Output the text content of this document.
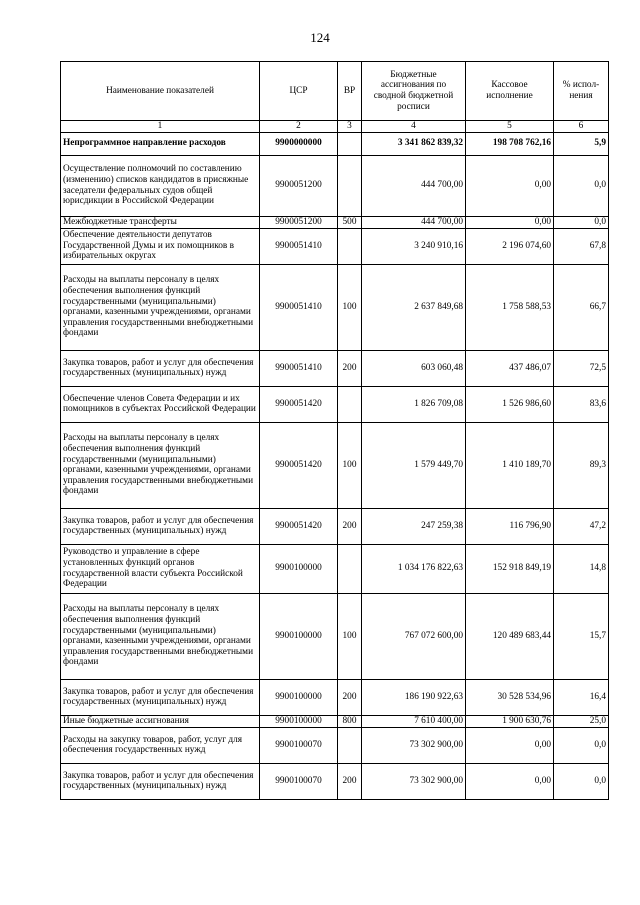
124
Наименование показателей	ЦСР	ВР	Бюджетные ассигнования по сводной бюджетной росписи	Кассовое исполнение	% испол-нения
1	2	3	4	5	6
Непрограммное направление расходов	9900000000		3 341 862 839,32	198 708 762,16	5,9
Осуществление полномочий по составлению (изменению) списков кандидатов в присяжные заседатели федеральных судов общей юрисдикции в Российской Федерации	9900051200		444 700,00	0,00	0,0
Межбюджетные трансферты	9900051200	500	444 700,00	0,00	0,0
Обеспечение деятельности депутатов Государственной Думы и их помощников в избирательных округах	9900051410		3 240 910,16	2 196 074,60	67,8
Расходы на выплаты персоналу в целях обеспечения выполнения функций государственными (муниципальными) органами, казенными учреждениями, органами управления государственными внебюджетными фондами	9900051410	100	2 637 849,68	1 758 588,53	66,7
Закупка товаров, работ и услуг для обеспечения государственных (муниципальных) нужд	9900051410	200	603 060,48	437 486,07	72,5
Обеспечение членов Совета Федерации и их помощников в субъектах Российской Федерации	9900051420		1 826 709,08	1 526 986,60	83,6
Расходы на выплаты персоналу в целях обеспечения выполнения функций государственными (муниципальными) органами, казенными учреждениями, органами управления государственными внебюджетными фондами	9900051420	100	1 579 449,70	1 410 189,70	89,3
Закупка товаров, работ и услуг для обеспечения государственных (муниципальных) нужд	9900051420	200	247 259,38	116 796,90	47,2
Руководство и управление в сфере установленных функций органов государственной власти субъекта Российской Федерации	9900100000		1 034 176 822,63	152 918 849,19	14,8
Расходы на выплаты персоналу в целях обеспечения выполнения функций государственными (муниципальными) органами, казенными учреждениями, органами управления государственными внебюджетными фондами	9900100000	100	767 072 600,00	120 489 683,44	15,7
Закупка товаров, работ и услуг для обеспечения государственных (муниципальных) нужд	9900100000	200	186 190 922,63	30 528 534,96	16,4
Иные бюджетные ассигнования	9900100000	800	7 610 400,00	1 900 630,76	25,0
Расходы на закупку товаров, работ, услуг для обеспечения государственных нужд	9900100070		73 302 900,00	0,00	0,0
Закупка товаров, работ и услуг для обеспечения государственных (муниципальных) нужд	9900100070	200	73 302 900,00	0,00	0,0
